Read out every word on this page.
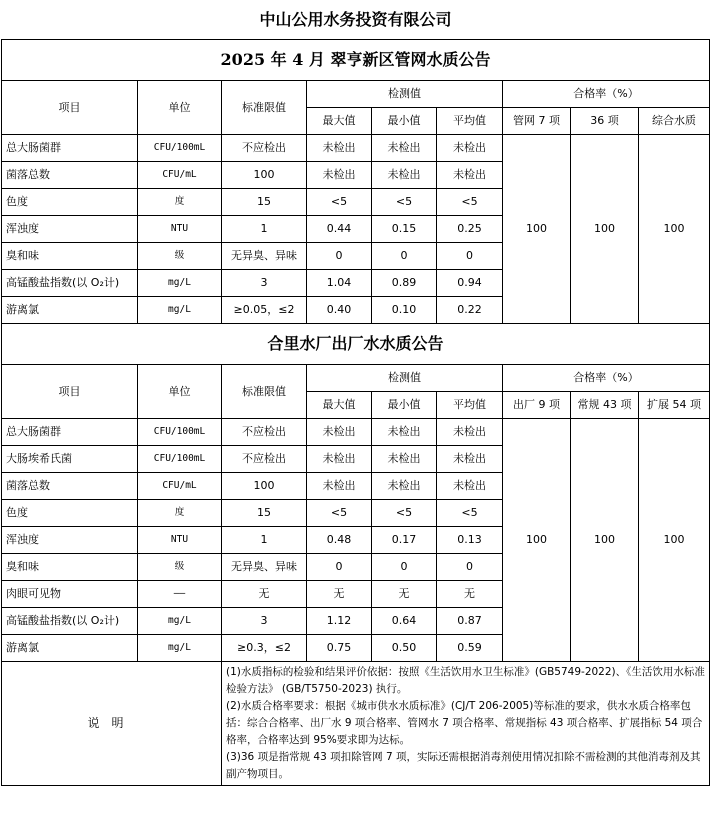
中山公用水务投资有限公司								
2025 年 4 月 翠亨新区管网水质公告								
项目	单位	标准限值	检测值			合格率（%）		
			最大值	最小值	平均值	管网 7 项	36 项	综合水质
总大肠菌群	CFU/100mL	不应检出	未检出	未检出	未检出	100	100	100
菌落总数	CFU/mL	100	未检出	未检出	未检出			
色度	度	15	<5	<5	<5			
浑浊度	NTU	1	0.44	0.15	0.25			
臭和味	级	无异臭、异味	0	0	0			
高锰酸盐指数(以 O₂计)	mg/L	3	1.04	0.89	0.94			
游离氯	mg/L	≥0.05，≤2	0.40	0.10	0.22			
合里水厂出厂水水质公告								
项目	单位	标准限值	检测值			合格率（%）		
			最大值	最小值	平均值	出厂 9 项	常规 43 项	扩展 54 项
总大肠菌群	CFU/100mL	不应检出	未检出	未检出	未检出	100	100	100
大肠埃希氏菌	CFU/100mL	不应检出	未检出	未检出	未检出			
菌落总数	CFU/mL	100	未检出	未检出	未检出			
色度	度	15	<5	<5	<5			
浑浊度	NTU	1	0.48	0.17	0.13			
臭和味	级	无异臭、异味	0	0	0			
肉眼可见物	——	无	无	无	无			
高锰酸盐指数(以 O₂计)	mg/L	3	1.12	0.64	0.87			
游离氯	mg/L	≥0.3，≤2	0.75	0.50	0.59			
说明		(1)水质指标的检验和结果评价依据：按照《生活饮用水卫生标准》(GB5749-2022)、《生活饮用水标准检验方法》 (GB/T5750-2023) 执行。

(2)水质合格率要求：根据《城市供水水质标准》(CJ/T 206-2005)等标准的要求，供水水质合格率包括：综合合格率、出厂水 9 项合格率、管网水 7 项合格率、常规指标 43 项合格率、扩展指标 54 项合格率，合格率达到 95%要求即为达标。

(3)36 项是指常规 43 项扣除管网 7 项，实际还需根据消毒剂使用情况扣除不需检测的其他消毒剂及其副产物项目。						
